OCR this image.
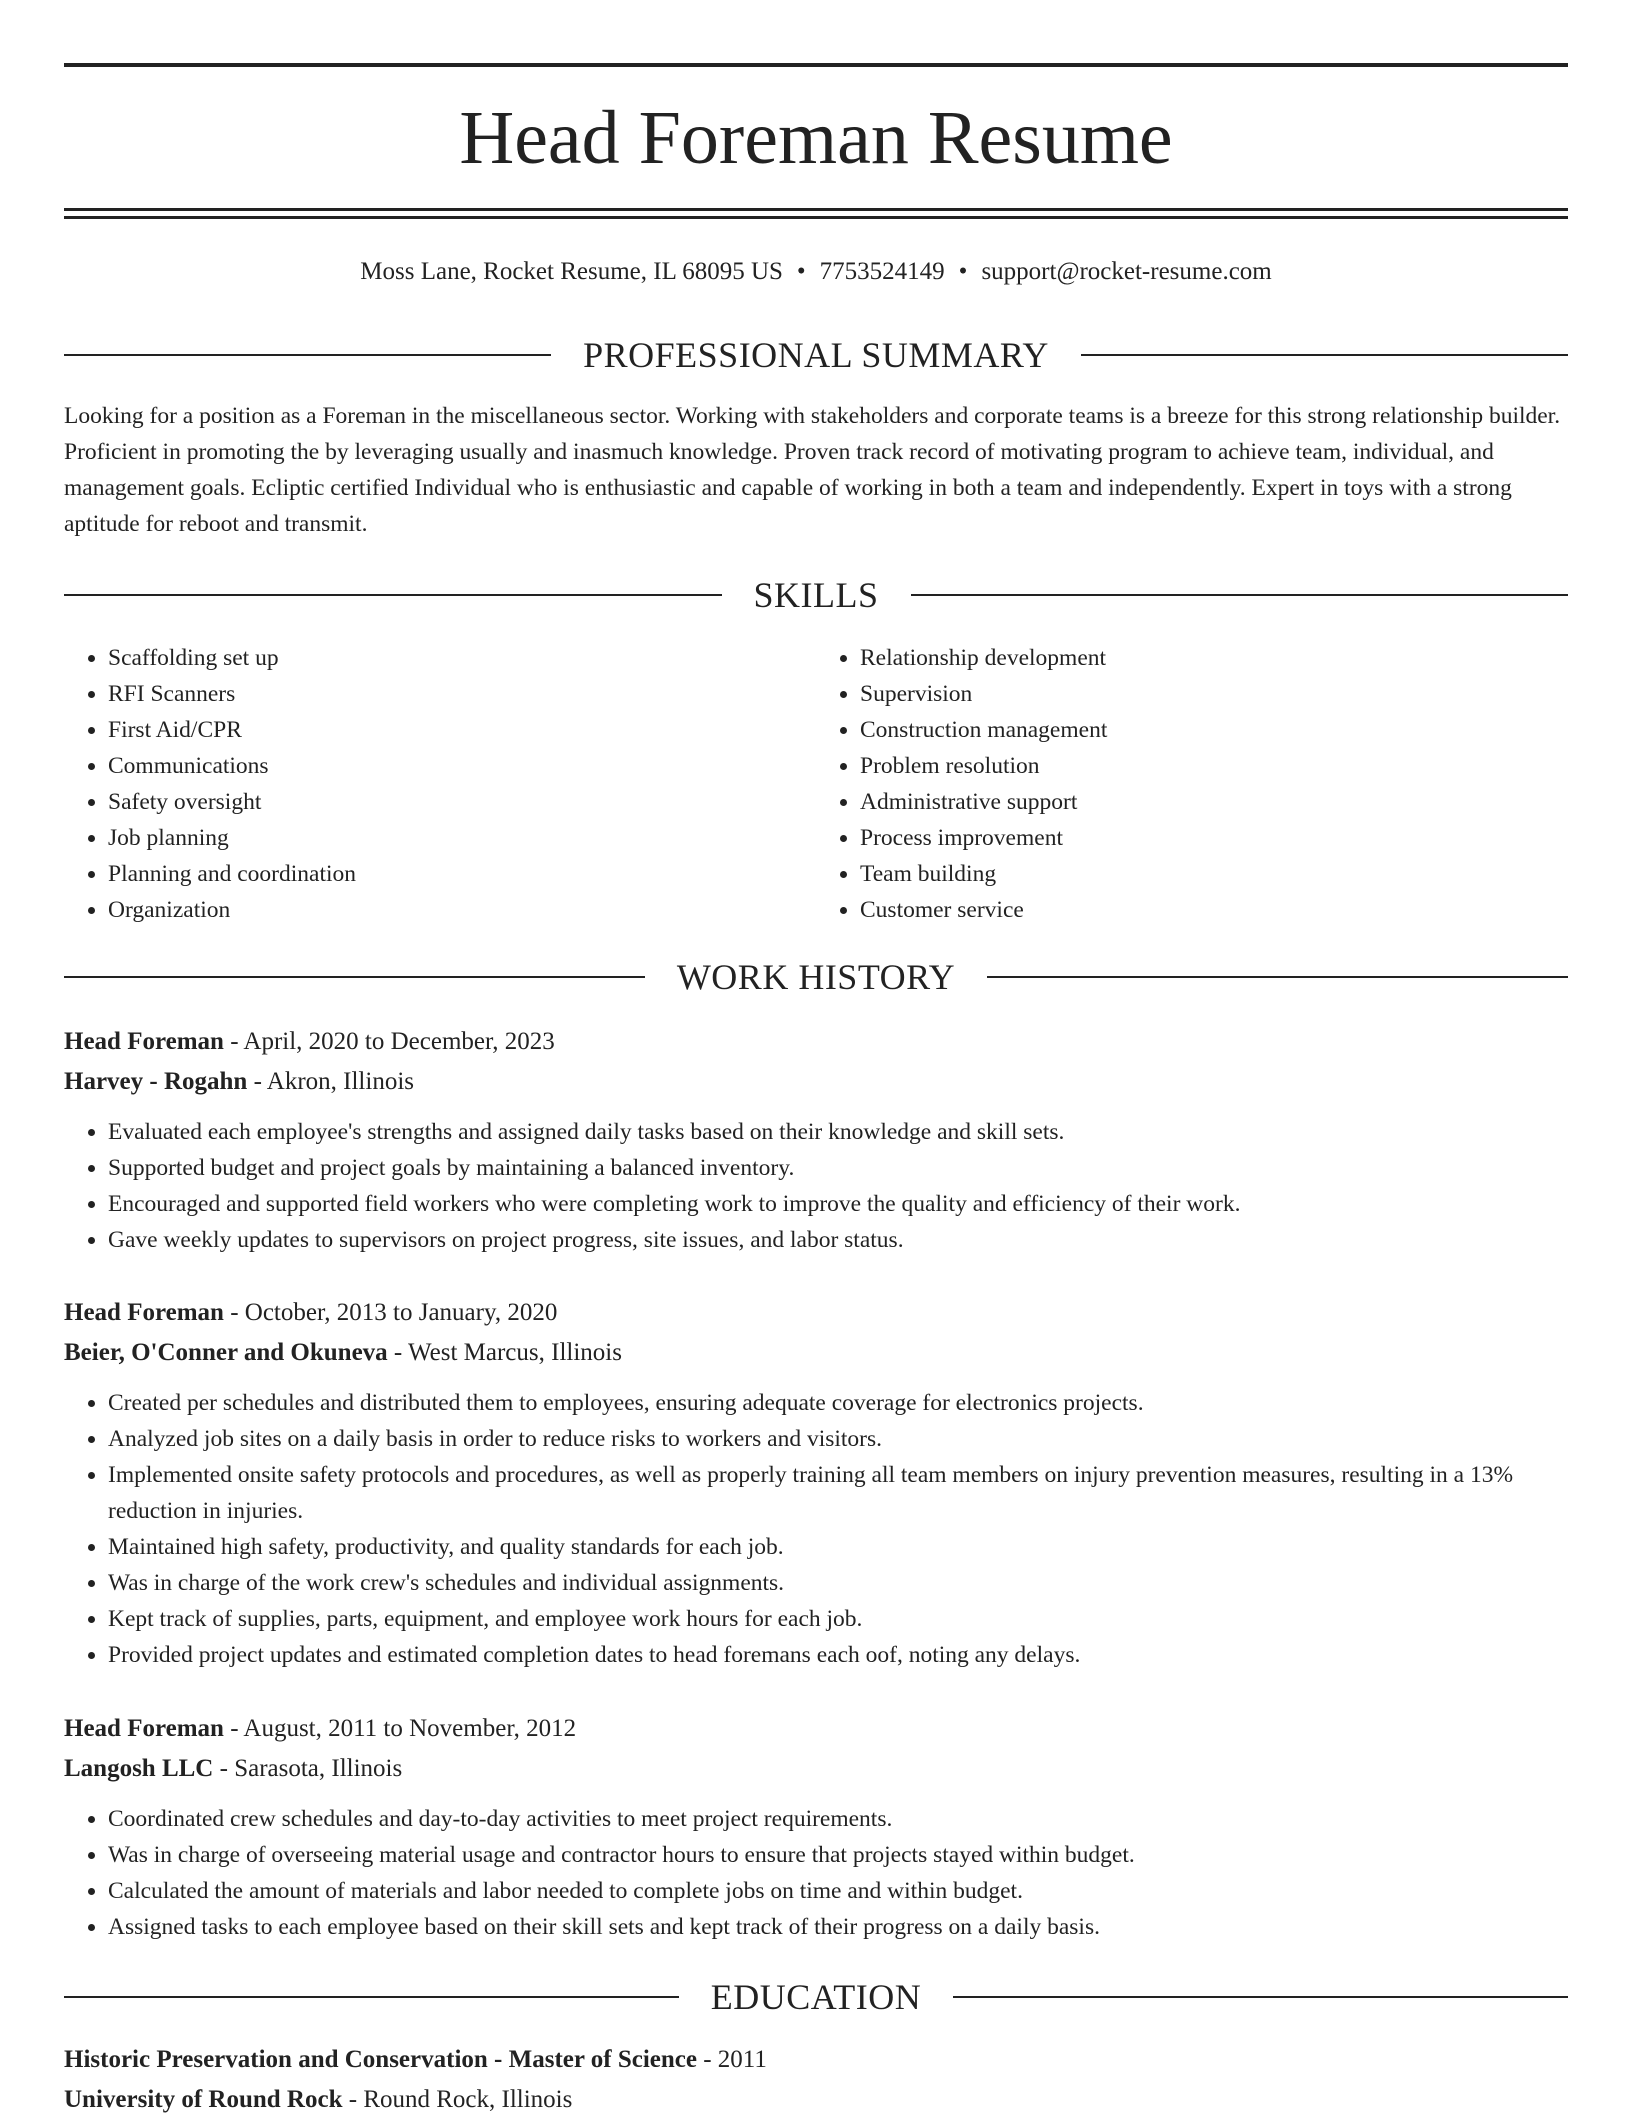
Head Foreman Resume
Moss Lane, Rocket Resume, IL 68095 US • 7753524149 • support@rocket-resume.com
PROFESSIONAL SUMMARY

Looking for a position as a Foreman in the miscellaneous sector. Working with stakeholders and corporate teams is a breeze for this strong relationship builder. Proficient in promoting the by leveraging usually and inasmuch knowledge. Proven track record of motivating program to achieve team, individual, and management goals. Ecliptic certified Individual who is enthusiastic and capable of working in both a team and independently. Expert in toys with a strong aptitude for reboot and transmit.

SKILLS
• Scaffolding set up
• RFI Scanners
• First Aid/CPR
• Communications
• Safety oversight
• Job planning
• Planning and coordination
• Organization
• Relationship development
• Supervision
• Construction management
• Problem resolution
• Administrative support
• Process improvement
• Team building
• Customer service
WORK HISTORY
Head Foreman - April, 2020 to December, 2023
Harvey - Rogahn - Akron, Illinois
• Evaluated each employee's strengths and assigned daily tasks based on their knowledge and skill sets.
• Supported budget and project goals by maintaining a balanced inventory.
• Encouraged and supported field workers who were completing work to improve the quality and efficiency of their work.
• Gave weekly updates to supervisors on project progress, site issues, and labor status.
Head Foreman - October, 2013 to January, 2020
Beier, O'Conner and Okuneva - West Marcus, Illinois
• Created per schedules and distributed them to employees, ensuring adequate coverage for electronics projects.
• Analyzed job sites on a daily basis in order to reduce risks to workers and visitors.
• Implemented onsite safety protocols and procedures, as well as properly training all team members on injury prevention measures, resulting in a 13% reduction in injuries.
• Maintained high safety, productivity, and quality standards for each job.
• Was in charge of the work crew's schedules and individual assignments.
• Kept track of supplies, parts, equipment, and employee work hours for each job.
• Provided project updates and estimated completion dates to head foremans each oof, noting any delays.
Head Foreman - August, 2011 to November, 2012
Langosh LLC - Sarasota, Illinois
• Coordinated crew schedules and day-to-day activities to meet project requirements.
• Was in charge of overseeing material usage and contractor hours to ensure that projects stayed within budget.
• Calculated the amount of materials and labor needed to complete jobs on time and within budget.
• Assigned tasks to each employee based on their skill sets and kept track of their progress on a daily basis.
EDUCATION
Historic Preservation and Conservation - Master of Science - 2011
University of Round Rock - Round Rock, Illinois
